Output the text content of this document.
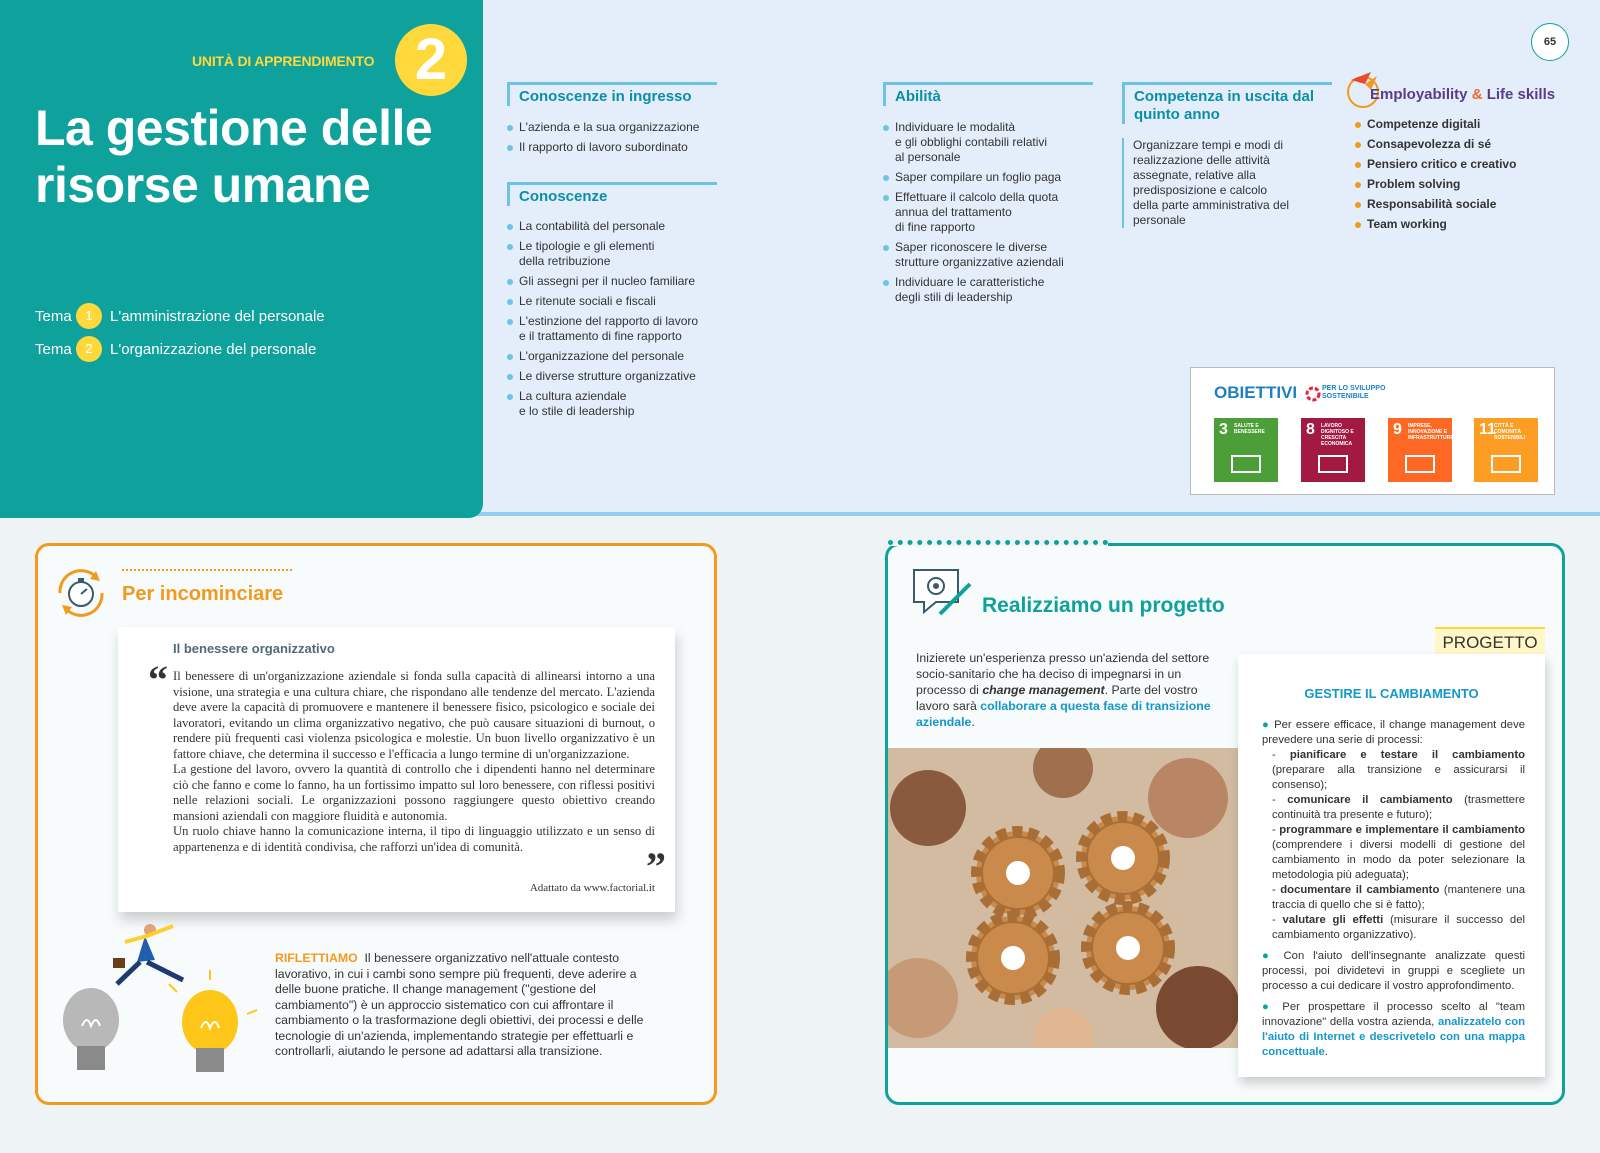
UNITÀ DI APPRENDIMENTO 2
La gestione delle risorse umane
Tema	1	L'amministrazione del personale
Tema	2	L'organizzazione del personale
Conoscenze in ingresso
L'azienda e la sua organizzazione
Il rapporto di lavoro subordinato
Conoscenze
La contabilità del personale
Le tipologie e gli elementi
della retribuzione
Gli assegni per il nucleo familiare
Le ritenute sociali e fiscali
L'estinzione del rapporto di lavoro
e il trattamento di fine rapporto
L'organizzazione del personale
Le diverse strutture organizzative
La cultura aziendale
e lo stile di leadership
Abilità
Individuare le modalità
e gli obblighi contabili relativi
al personale
Saper compilare un foglio paga
Effettuare il calcolo della quota
annua del trattamento
di fine rapporto
Saper riconoscere le diverse
strutture organizzative aziendali
Individuare le caratteristiche
degli stili di leadership
Competenza in uscita dal quinto anno
Organizzare tempi e modi di realizzazione delle attività assegnate, relative alla predisposizione e calcolo della parte amministrativa del personale
65
Employability & Life skills
Competenze digitali
Consapevolezza di sé
Pensiero critico e creativo
Problem solving
Responsabilità sociale
Team working
OBIETTIVI	PER LO SVILUPPO SOSTENIBILE
3 SALUTE E BENESSERE	8 LAVORO DIGNITOSO E CRESCITA ECONOMICA
9 IMPRESE, INNOVAZIONE E INFRASTRUTTURE 11
CITTÀ E COMUNITÀ SOSTENIBILI
Per incominciare
Il benessere organizzativo
“ Il benessere di un'organizzazione aziendale si fonda sulla capacità di allinearsi intorno a una visione, una strategia e una cultura chiare, che rispondano alle tendenze del mercato. L'azienda deve avere la capacità di promuovere e mantenere il benessere fisico, psicologico e sociale dei lavoratori, evitando un clima organizzativo negativo, che può causare situazioni di burnout, o rendere più frequenti casi violenza psicologica e molestie. Un buon livello organizzativo è un fattore chiave, che determina il successo e l'efficacia a lungo termine di un'organizzazione.
La gestione del lavoro, ovvero la quantità di controllo che i dipendenti hanno nel determinare ciò che fanno e come lo fanno, ha un fortissimo impatto sul loro benessere, con riflessi positivi nelle relazioni sociali. Le organizzazioni possono raggiungere questo obiettivo creando mansioni aziendali con maggiore fluidità e autonomia.
Un ruolo chiave hanno la comunicazione interna, il tipo di linguaggio utilizzato e un senso di appartenenza e di identità condivisa, che rafforzi un'idea di comunità.	”
Adattato da www.factorial.it
RIFLETTIAMO Il benessere organizzativo nell'attuale contesto lavorativo, in cui i cambi sono sempre più frequenti, deve aderire a delle buone pratiche. Il change management ("gestione del cambiamento") è un approccio sistematico con cui affrontare il cambiamento o la trasformazione degli obiettivi, dei processi e delle tecnologie di un'azienda, implementando strategie per effettuarli e controllarli, aiutando le persone ad adattarsi alla transizione.
Realizziamo un progetto
Inizierete un'esperienza presso un'azienda del settore socio-sanitario che ha deciso di impegnarsi in un processo di change management. Parte del vostro lavoro sarà collaborare a questa fase di transizione aziendale.
PROGETTO
GESTIRE IL CAMBIAMENTO
● Per essere efficace, il change management deve prevedere una serie di processi:
- pianificare e testare il cambiamento (preparare alla transizione e assicurarsi il consenso);
- comunicare il cambiamento (trasmettere continuità tra presente e futuro);
- programmare e implementare il cambiamento (comprendere i diversi modelli di gestione del cambiamento in modo da poter selezionare la metodologia più adeguata);
- documentare il cambiamento (mantenere una traccia di quello che si è fatto);
- valutare gli effetti (misurare il successo del cambiamento organizzativo).
● Con l'aiuto dell'insegnante analizzate questi processi, poi dividetevi in gruppi e scegliete un processo a cui dedicare il vostro approfondimento.
● Per prospettare il processo scelto al "team innovazione" della vostra azienda, analizzatelo con l'aiuto di Internet e descrivetelo con una mappa concettuale.
